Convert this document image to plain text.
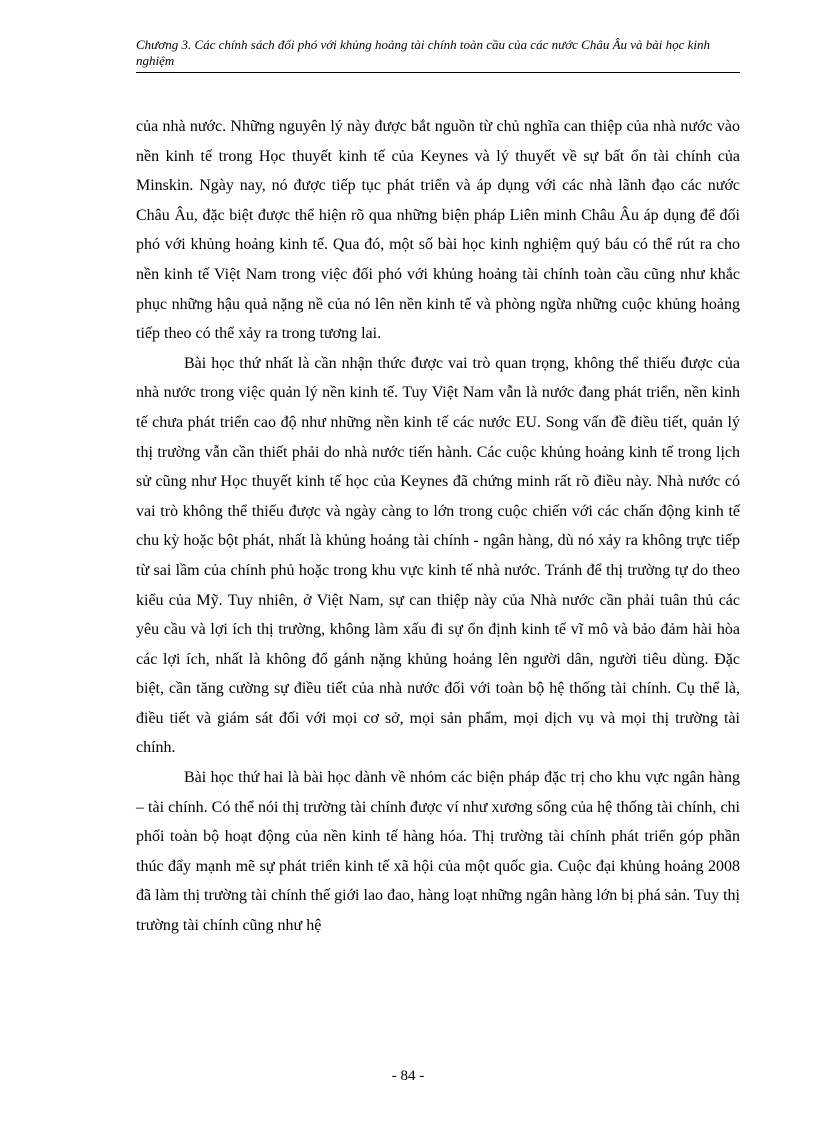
Chương 3. Các chính sách đối phó với khủng hoảng tài chính toàn cầu của các nước Châu Âu và bài học kinh nghiệm

của nhà nước. Những nguyên lý này được bắt nguồn từ chủ nghĩa can thiệp của nhà nước vào nền kinh tế trong Học thuyết kinh tế của Keynes và lý thuyết về sự bất ổn tài chính của Minskin. Ngày nay, nó được tiếp tục phát triển và áp dụng với các nhà lãnh đạo các nước Châu Âu, đặc biệt được thể hiện rõ qua những biện pháp Liên minh Châu Âu áp dụng để đối phó với khủng hoảng kinh tế. Qua đó, một số bài học kinh nghiệm quý báu có thể rút ra cho nền kinh tế Việt Nam trong việc đối phó với khủng hoảng tài chính toàn cầu cũng như khắc phục những hậu quả nặng nề của nó lên nền kinh tế và phòng ngừa những cuộc khủng hoảng tiếp theo có thể xảy ra trong tương lai.

Bài học thứ nhất là cần nhận thức được vai trò quan trọng, không thể thiếu được của nhà nước trong việc quản lý nền kinh tế. Tuy Việt Nam vẫn là nước đang phát triển, nền kinh tế chưa phát triển cao độ như những nền kinh tế các nước EU. Song vấn đề điều tiết, quản lý thị trường vẫn cần thiết phải do nhà nước tiến hành. Các cuộc khủng hoảng kinh tế trong lịch sử cũng như Học thuyết kinh tế học của Keynes đã chứng minh rất rõ điều này. Nhà nước có vai trò không thể thiếu được và ngày càng to lớn trong cuộc chiến với các chấn động kinh tế chu kỳ hoặc bột phát, nhất là khủng hoảng tài chính - ngân hàng, dù nó xảy ra không trực tiếp từ sai lầm của chính phủ hoặc trong khu vực kinh tế nhà nước. Tránh để thị trường tự do theo kiểu của Mỹ. Tuy nhiên, ở Việt Nam, sự can thiệp này của Nhà nước cần phải tuân thủ các yêu cầu và lợi ích thị trường, không làm xấu đi sự ổn định kinh tế vĩ mô và bảo đảm hài hòa các lợi ích, nhất là không đổ gánh nặng khủng hoảng lên người dân, người tiêu dùng. Đặc biệt, cần tăng cường sự điều tiết của nhà nước đối với toàn bộ hệ thống tài chính. Cụ thể là, điều tiết và giám sát đối với mọi cơ sở, mọi sản phẩm, mọi dịch vụ và mọi thị trường tài chính.

Bài học thứ hai là bài học dành về nhóm các biện pháp đặc trị cho khu vực ngân hàng – tài chính. Có thể nói thị trường tài chính được ví như xương sống của hệ thống tài chính, chi phối toàn bộ hoạt động của nền kinh tế hàng hóa. Thị trường tài chính phát triển góp phần thúc đẩy mạnh mẽ sự phát triển kinh tế xã hội của một quốc gia. Cuộc đại khủng hoảng 2008 đã làm thị trường tài chính thế giới lao đao, hàng loạt những ngân hàng lớn bị phá sản. Tuy thị trường tài chính cũng như hệ

- 84 -
